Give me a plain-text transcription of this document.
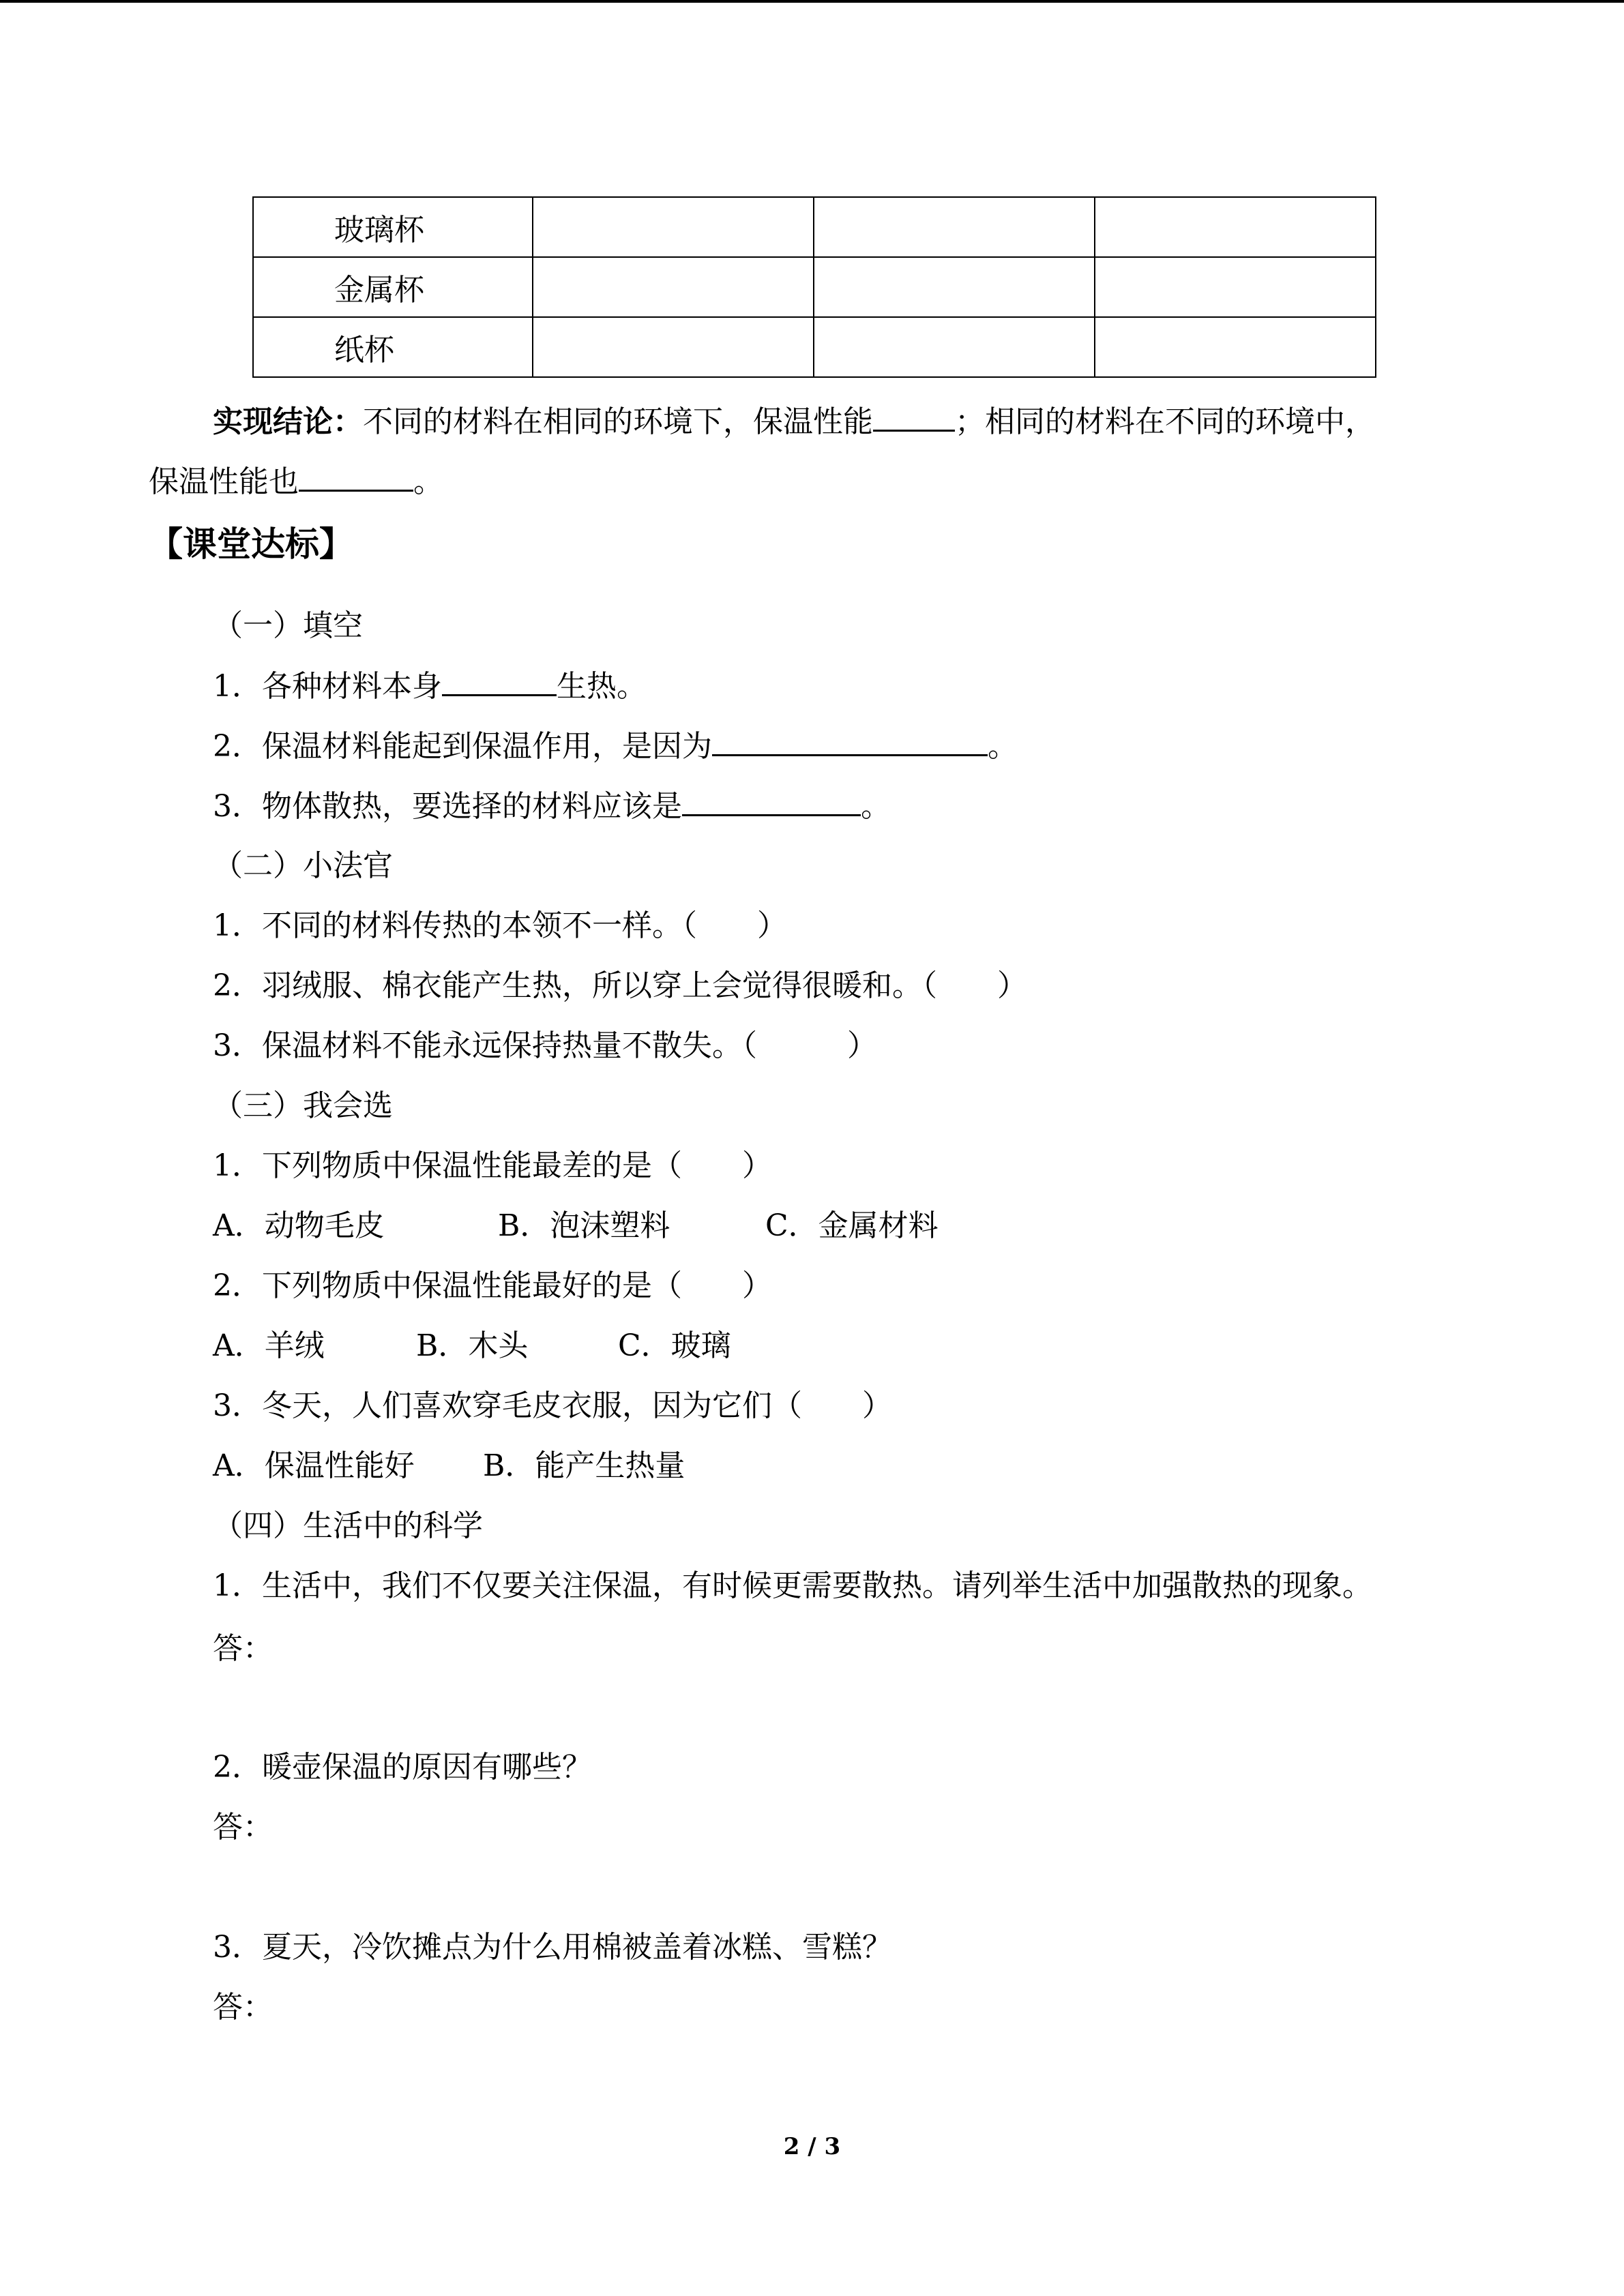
玻璃杯			
金属杯			
纸杯			
实现结论：不同的材料在相同的环境下，保温性能	；相同的材料在不同的环境中，
保温性能也	。
【课堂达标】
（一）填空
1．各种材料本身	生热。
2．保温材料能起到保温作用，是因为	。
3．物体散热，要选择的材料应该是	。
（二）小法官
1．不同的材料传热的本领不一样。（　　）
2．羽绒服、棉衣能产生热，所以穿上会觉得很暖和。（　　）
3．保温材料不能永远保持热量不散失。（　　　）
（三）我会选
1．下列物质中保温性能最差的是（　　）
A．动物毛皮	B．泡沫塑料	C．金属材料
2．下列物质中保温性能最好的是（　　）
A．羊绒	B．木头	C．玻璃
3．冬天，人们喜欢穿毛皮衣服，因为它们（　　）
A．保温性能好 B．能产生热量
（四）生活中的科学
1．生活中，我们不仅要关注保温，有时候更需要散热。请列举生活中加强散热的现象。
答：
2．暖壶保温的原因有哪些？
答：
3．夏天，冷饮摊点为什么用棉被盖着冰糕、雪糕？
答：
2 / 3
